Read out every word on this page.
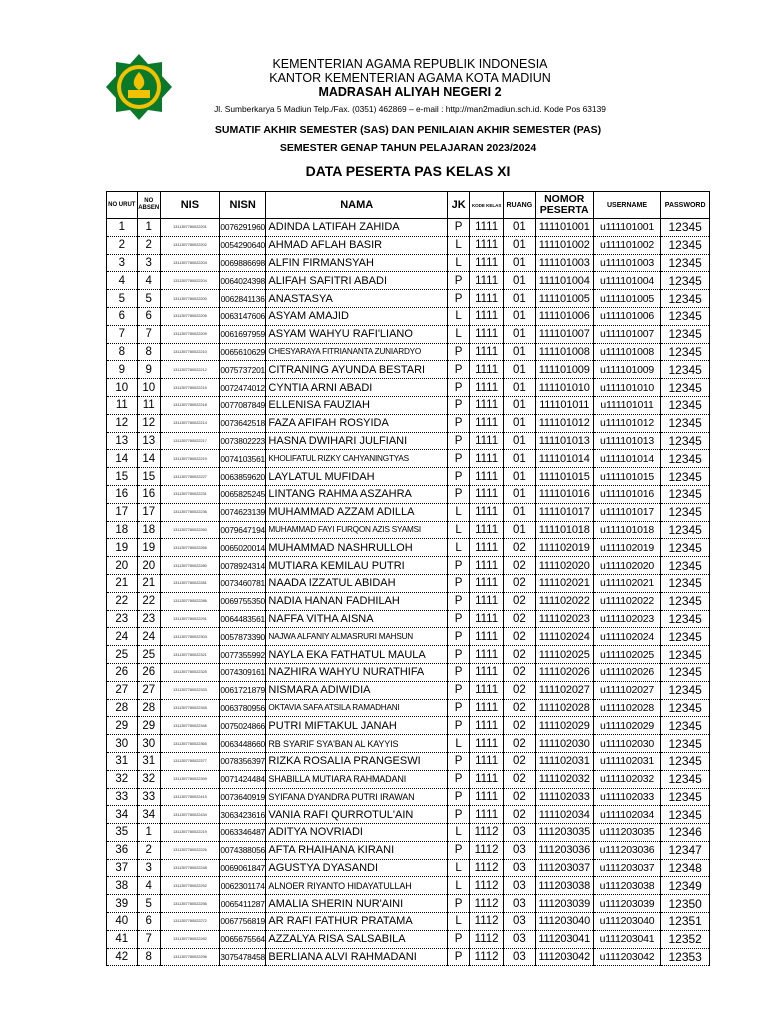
KEMENTERIAN AGAMA REPUBLIK INDONESIA
KANTOR KEMENTERIAN AGAMA KOTA MADIUN
MADRASAH ALIYAH NEGERI 2
Jl. Sumberkarya 5 Madiun Telp./Fax. (0351) 462869 – e-mail : http://man2madiun.sch.id. Kode Pos 63139
SUMATIF AKHIR SEMESTER (SAS) DAN PENILAIAN AKHIR SEMESTER (PAS)
SEMESTER GENAP TAHUN PELAJARAN 2023/2024
DATA PESERTA PAS KELAS XI
NO URUT	NO ABSEN	NIS	NISN	NAMA	JK	KODE KELAS	RUANG	NOMOR PESERTA	USERNAME	PASSWORD
1	1	1311357780022201	0076291960	ADINDA LATIFAH ZAHIDA	P	1111	01	111101001	u111101001	12345
2	2	1311357780022202	0054290640	AHMAD AFLAH BASIR	L	1111	01	111101002	u111101002	12345
3	3	1311357780022204	0069886698	ALFIN FIRMANSYAH	L	1111	01	111101003	u111101003	12345
4	4	1311357780022204	0064024398	ALIFAH SAFITRI ABADI	P	1111	01	111101004	u111101004	12345
5	5	1311357780022200	0062841136	ANASTASYA	P	1111	01	111101005	u111101005	12345
6	6	1311357780022206	0063147606	ASYAM AMAJID	L	1111	01	111101006	u111101006	12345
7	7	1311357780022209	0061697959	ASYAM WAHYU RAFI'LIANO	L	1111	01	111101007	u111101007	12345
8	8	1311357780022210	0065610629	CHESYARAYA FITRIANANTA ZUNIARDYO	P	1111	01	111101008	u111101008	12345
9	9	1311357780022212	0075737201	CITRANING AYUNDA BESTARI	P	1111	01	111101009	u111101009	12345
10	10	1311357780022215	0072474012	CYNTIA ARNI ABADI	P	1111	01	111101010	u111101010	12345
11	11	1311357780022218	0077087849	ELLENISA FAUZIAH	P	1111	01	111101011	u111101011	12345
12	12	1311357780022214	0073642518	FAZA AFIFAH ROSYIDA	P	1111	01	111101012	u111101012	12345
13	13	1311357780022217	0073802223	HASNA DWIHARI JULFIANI	P	1111	01	111101013	u111101013	12345
14	14	1311357780022219	0074103561	KHOLIFATUL RIZKY CAHYANINGTYAS	P	1111	01	111101014	u111101014	12345
15	15	1311357780022227	0063859620	LAYLATUL MUFIDAH	P	1111	01	111101015	u111101015	12345
16	16	1311357780022231	0065825245	LINTANG RAHMA ASZAHRA	P	1111	01	111101016	u111101016	12345
17	17	1311357780022236	0074623139	MUHAMMAD AZZAM ADILLA	L	1111	01	111101017	u111101017	12345
18	18	1311357780022260	0079647194	MUHAMMAD FAYI FURQON AZIS SYAMSI	L	1111	01	111101018	u111101018	12345
19	19	1311357780022266	0065020014	MUHAMMAD NASHRULLOH	L	1111	02	111102019	u111102019	12345
20	20	1311357780022280	0078924314	MUTIARA KEMILAU PUTRI	P	1111	02	111102020	u111102020	12345
21	21	1311357780022281	0073460781	NAADA IZZATUL ABIDAH	P	1111	02	111102021	u111102021	12345
22	22	1311357780022286	0069755350	NADIA HANAN FADHILAH	P	1111	02	111102022	u111102022	12345
23	23	1311357780022291	0064483561	NAFFA VITHA AISNA	P	1111	02	111102023	u111102023	12345
24	24	1311357780022303	0057873390	NAJWA ALFANIY ALMASRURI MAHSUN	P	1111	02	111102024	u111102024	12345
25	25	1311357780022321	0077355992	NAYLA EKA FATHATUL MAULA	P	1111	02	111102025	u111102025	12345
26	26	1311357780022325	0074309161	NAZHIRA WAHYU NURATHIFA	P	1111	02	111102026	u111102026	12345
27	27	1311357780022333	0061721879	NISMARA ADIWIDIA	P	1111	02	111102027	u111102027	12345
28	28	1311357780022345	0063780956	OKTAVIA SAFA ATSILA RAMADHANI	P	1111	02	111102028	u111102028	12345
29	29	1311357780022346	0075024866	PUTRI MIFTAKUL JANAH	P	1111	02	111102029	u111102029	12345
30	30	1311357780022365	0063448660	RB SYARIF SYA'BAN AL KAYYIS	L	1111	02	111102030	u111102030	12345
31	31	1311357780022377	0078356397	RIZKA ROSALIA PRANGESWI	P	1111	02	111102031	u111102031	12345
32	32	1311357780022399	0071424484	SHABILLA MUTIARA RAHMADANI	P	1111	02	111102032	u111102032	12345
33	33	1311357780022419	0073640919	SYIFANA DYANDRA PUTRI IRAWAN	P	1111	02	111102033	u111102033	12345
34	34	1311357780022434	3063423616	VANIA RAFI QURROTUL'AIN	P	1111	02	111102034	u111102034	12345
35	1	1311357780022219	0063346487	ADITYA NOVRIADI	L	1112	03	111203035	u111203035	12346
36	2	1311357780022226	0074388056	AFTA RHAIHANA KIRANI	P	1112	03	111203036	u111203036	12347
37	3	1311357780022248	0069061847	AGUSTYA DYASANDI	L	1112	03	111203037	u111203037	12348
38	4	1311357780022252	0062301174	ALNOER RIYANTO HIDAYATULLAH	L	1112	03	111203038	u111203038	12349
39	5	1311357780022256	0065411287	AMALIA SHERIN NUR'AINI	P	1112	03	111203039	u111203039	12350
40	6	1311357780022272	0067756819	AR RAFI FATHUR PRATAMA	L	1112	03	111203040	u111203040	12351
41	7	1311357780022282	0065675564	AZZALYA RISA SALSABILA	P	1112	03	111203041	u111203041	12352
42	8	1311357780022296	3075478458	BERLIANA ALVI RAHMADANI	P	1112	03	111203042	u111203042	12353
